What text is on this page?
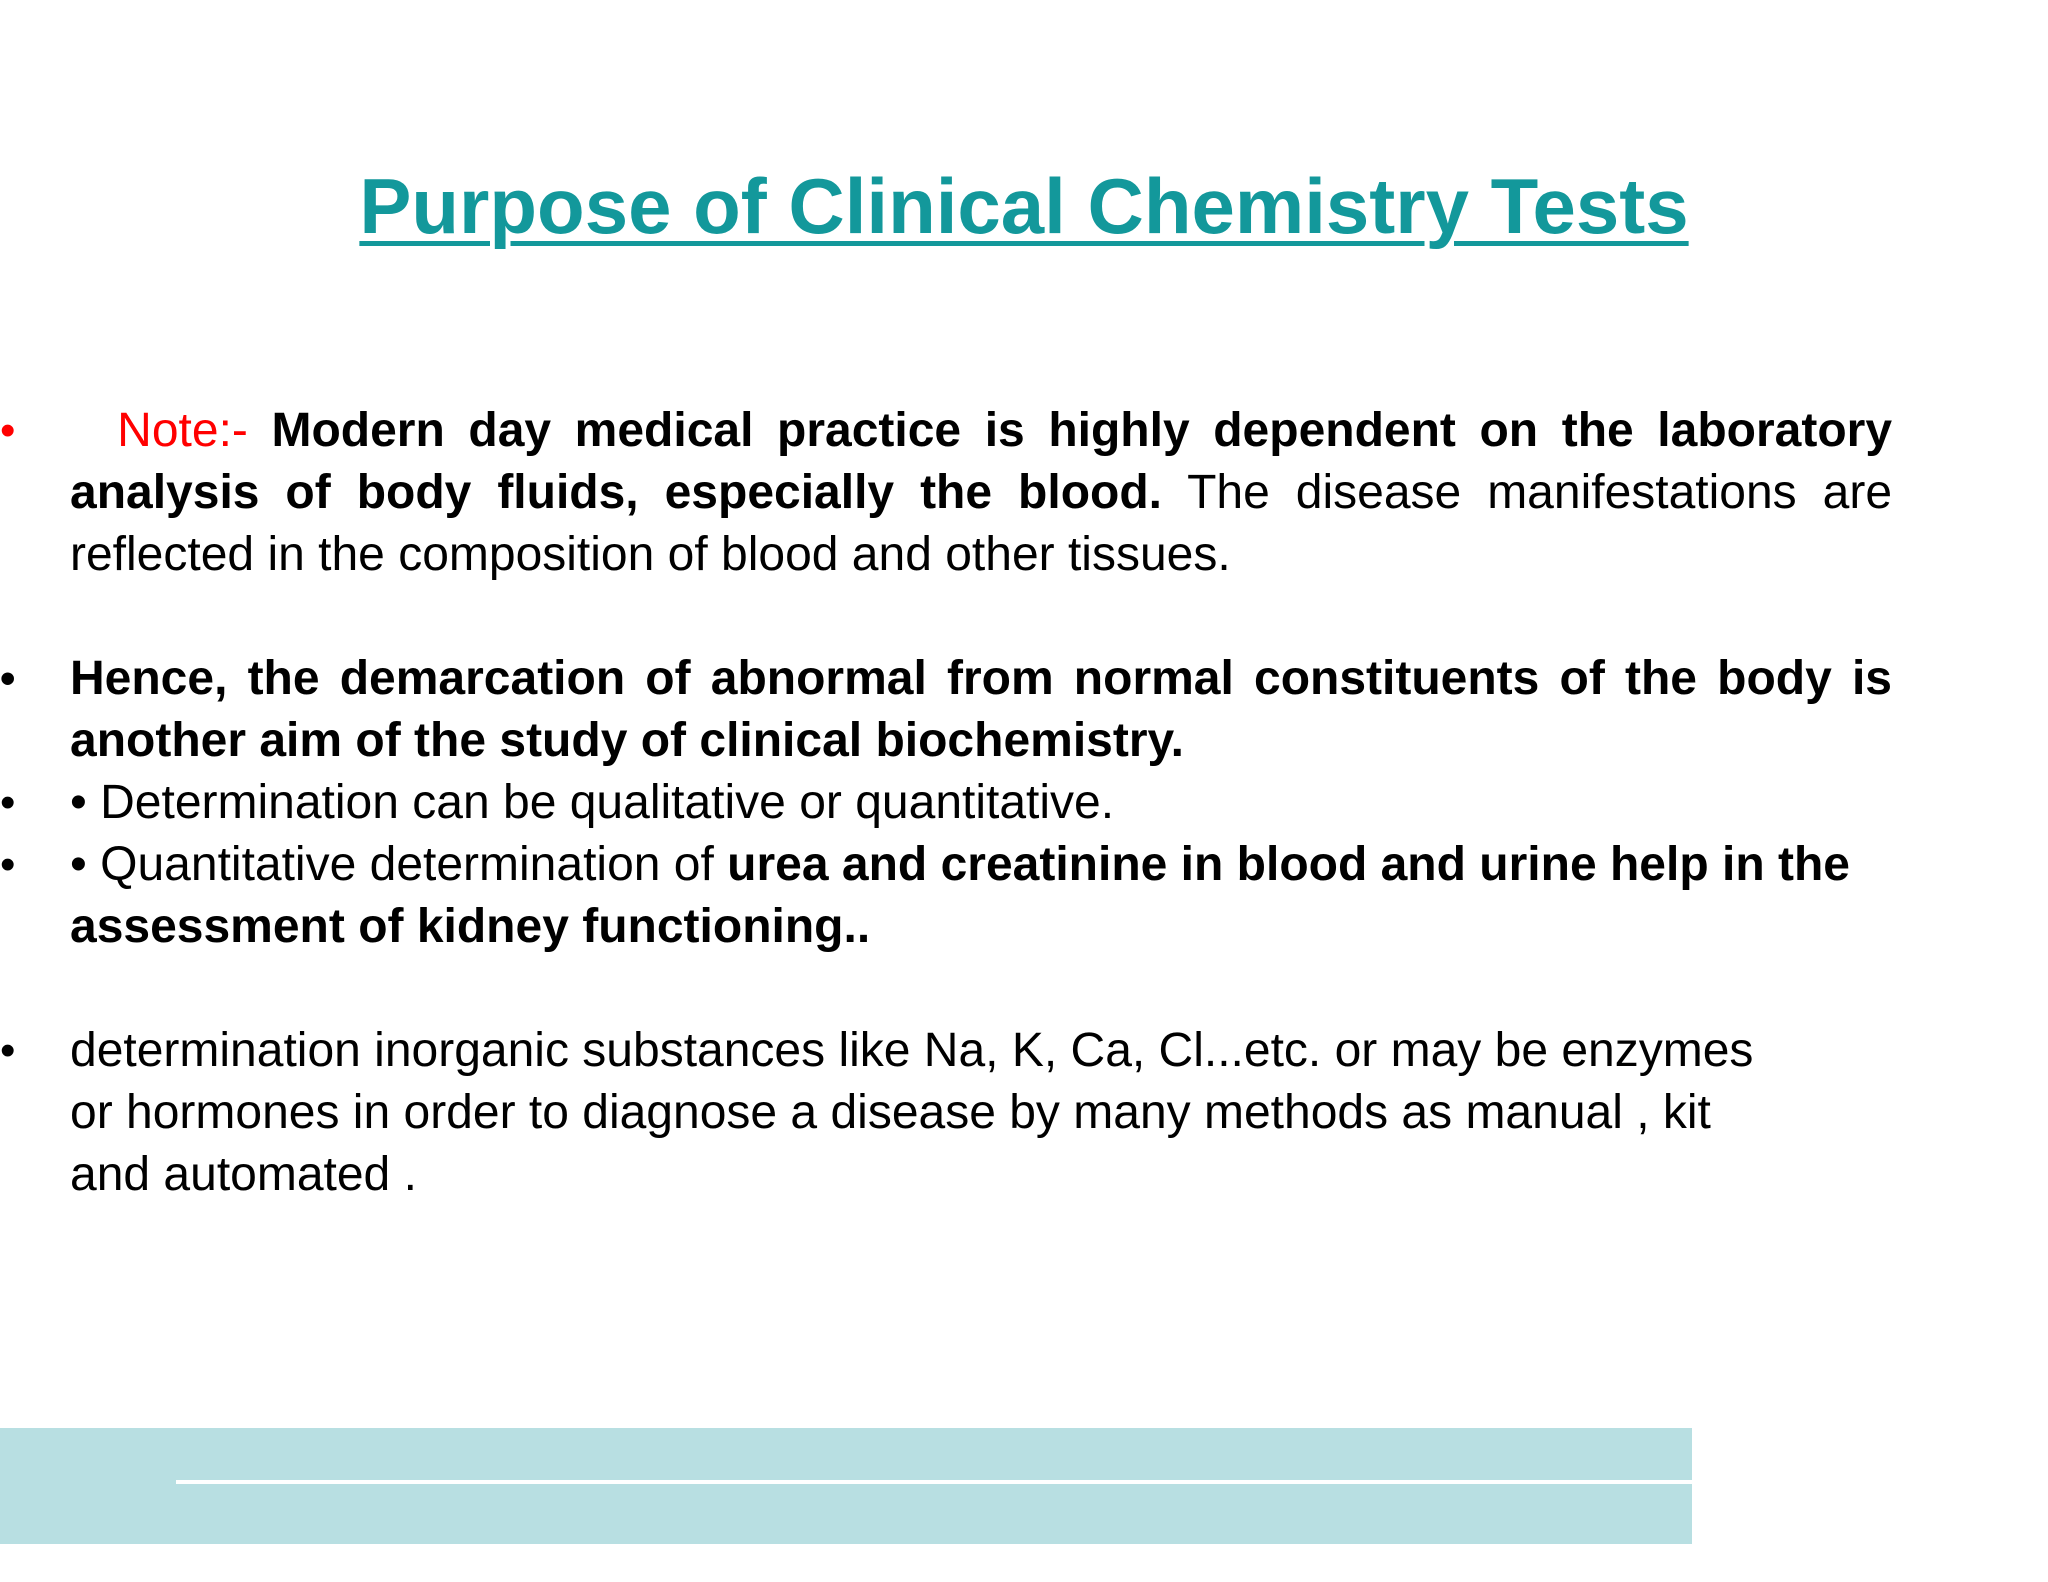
Purpose of Clinical Chemistry Tests
•	Note:- Modern day medical practice is highly dependent on the laboratory analysis of body fluids, especially the blood. The disease manifestations are reflected in the composition of blood and other tissues.
•	Hence, the demarcation of abnormal from normal constituents of the body is another aim of the study of clinical biochemistry.
•	• Determination can be qualitative or quantitative.
•	• Quantitative determination of urea and creatinine in blood and urine help in the assessment of kidney functioning..
•	determination inorganic substances like Na, K, Ca, Cl...etc. or may be enzymes or hormones in order to diagnose a disease by many methods as manual , kit and automated .
